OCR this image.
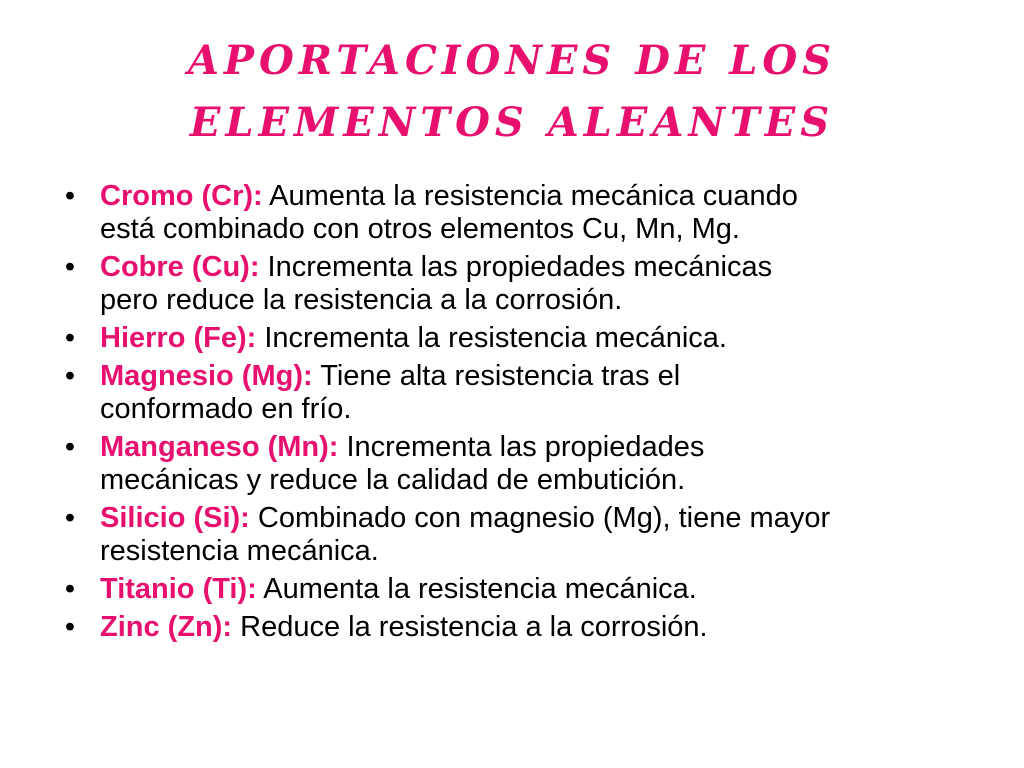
APORTACIONES DE LOS
ELEMENTOS ALEANTES
• Cromo (Cr): Aumenta la resistencia mecánica cuando
está combinado con otros elementos Cu, Mn, Mg.
• Cobre (Cu): Incrementa las propiedades mecánicas
pero reduce la resistencia a la corrosión.
• Hierro (Fe): Incrementa la resistencia mecánica.
• Magnesio (Mg): Tiene alta resistencia tras el
conformado en frío.
• Manganeso (Mn): Incrementa las propiedades
mecánicas y reduce la calidad de embutición.
• Silicio (Si): Combinado con magnesio (Mg), tiene mayor
resistencia mecánica.
• Titanio (Ti): Aumenta la resistencia mecánica.
• Zinc (Zn): Reduce la resistencia a la corrosión.
